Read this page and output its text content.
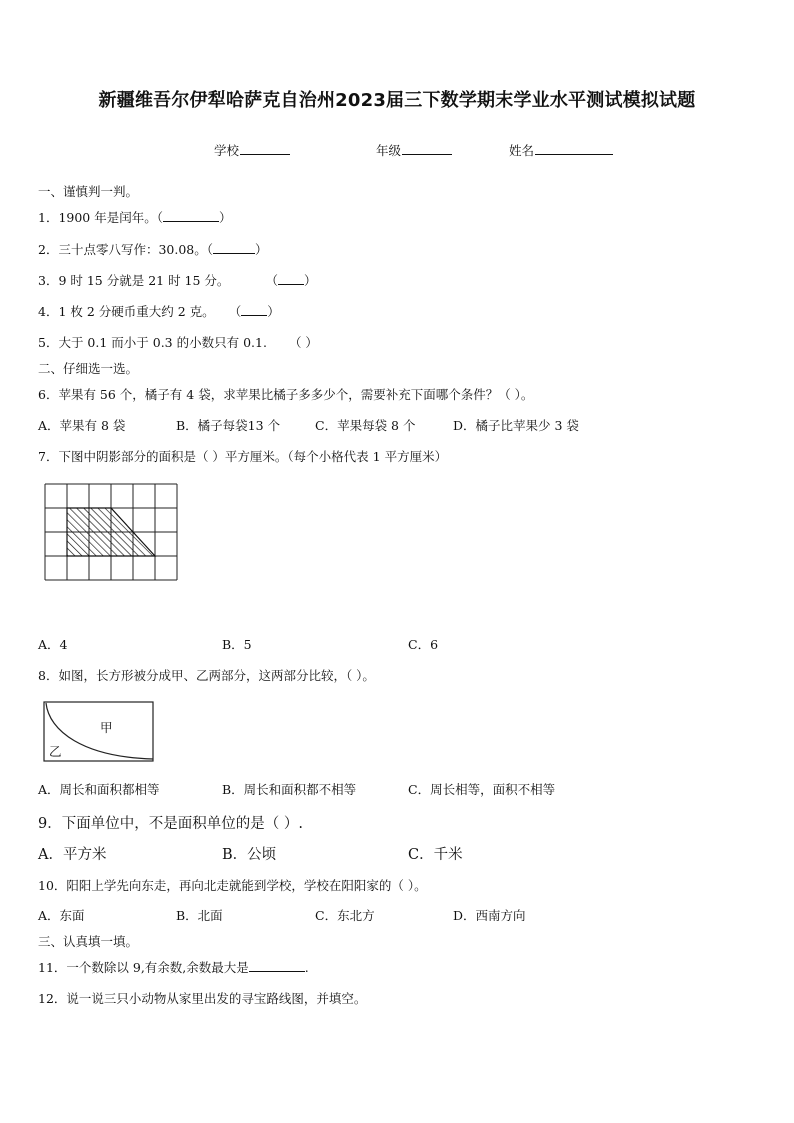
新疆维吾尔伊犁哈萨克自治州2023届三下数学期末学业水平测试模拟试题
学校	年级	姓名
一、谨慎判一判。
1．1900 年是闰年。（	）
2．三十点零八写作：30.08。（	）
3．9 时 15 分就是 21 时 15 分。	（ ）
4．1 枚 2 分硬币重大约 2 克。 （ ）
5．大于 0.1 而小于 0.3 的小数只有 0.1. （ ）
二、仔细选一选。
6．苹果有 56 个，橘子有 4 袋，求苹果比橘子多多少个，需要补充下面哪个条件？（ ）。
A．苹果有 8 袋	B．橘子每袋13 个	C．苹果每袋 8 个	D．橘子比苹果少 3 袋
7．下图中阴影部分的面积是（ ）平方厘米。（每个小格代表 1 平方厘米）
A．4	B．5	C．6
8．如图，长方形被分成甲、乙两部分，这两部分比较，（ ）。
甲
乙
A．周长和面积都相等	B．周长和面积都不相等	C．周长相等，面积不相等
9．下面单位中，不是面积单位的是（ ）.
A．平方米	B．公顷	C．千米
10．阳阳上学先向东走，再向北走就能到学校，学校在阳阳家的（ ）。
A．东面	B．北面	C．东北方	D．西南方向
三、认真填一填。
11．一个数除以 9,有余数,余数最大是	.
12．说一说三只小动物从家里出发的寻宝路线图，并填空。
